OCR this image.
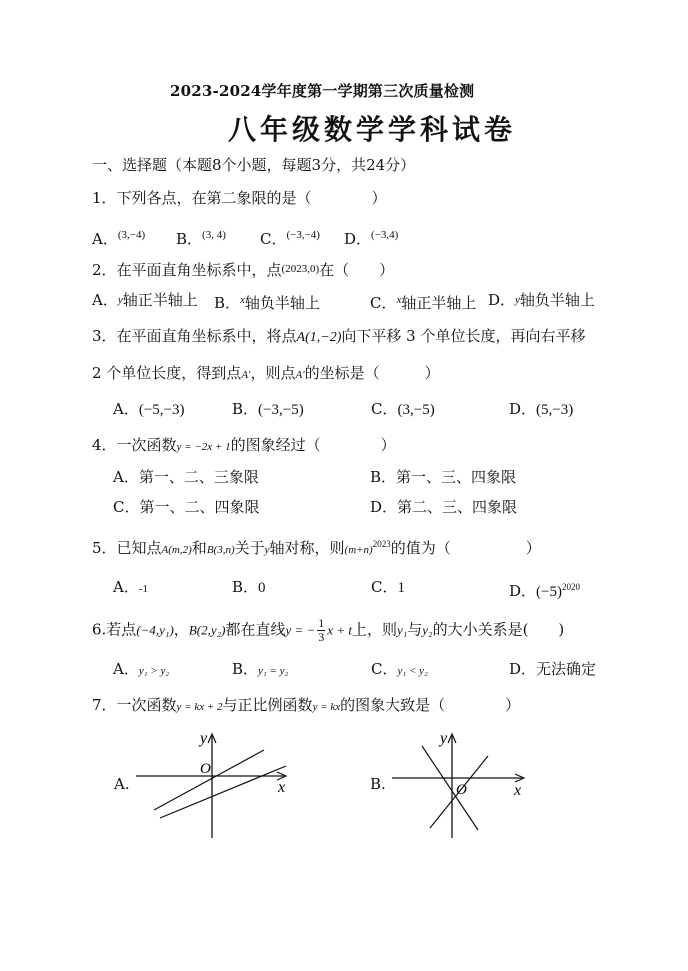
2023-2024学年度第一学期第三次质量检测
八年级数学学科试卷
一、选择题（本题8个小题，每题3分，共24分）
1．下列各点，在第二象限的是（　　　　）
A．$^{(3,-4)}$ B．$^{(3, 4)}$ C．$^{(-3,-4)}$ D．$^{(-3,4)}$
2．在平面直角坐标系中，点$^{(2023,0)}$在（　　）
A．y轴正半轴上 B．$^x$轴负半轴上	C．$^x$轴正半轴上 D．y轴负半轴上
3．在平面直角坐标系中，将点A(1,−2)向下平移 3 个单位长度，再向右平移
2 个单位长度，得到点A′，则点A′的坐标是（　　　）
A．(−5,−3)	B．(−3,−5)	C．(3,−5)	D．(5,−3)
4．一次函数y = −2x + 1的图象经过（　　　　）
A．第一、二、三象限	B．第一、三、四象限
C．第一、二、四象限	D．第二、三、四象限
5．已知点A(m,2)和B(3,n)关于y轴对称，则$(m+n)^{2023}$的值为（　　　　　）
A．-1	B．0	C．1	D．$(-5)^{2020}$
6.若点(−4,y₁)，B(2,y₂)都在直线y = − $\frac{1}{3}$ x + t上，则y₁与y₂的大小关系是(　　)
A．y₁ > y₂	B．y₁ = y₂	C．y₁ < y₂	D．无法确定
7．一次函数y = kx + 2与正比例函数y = kx的图象大致是（　　　　）
A.
O
y
x	B.	O
y
x
